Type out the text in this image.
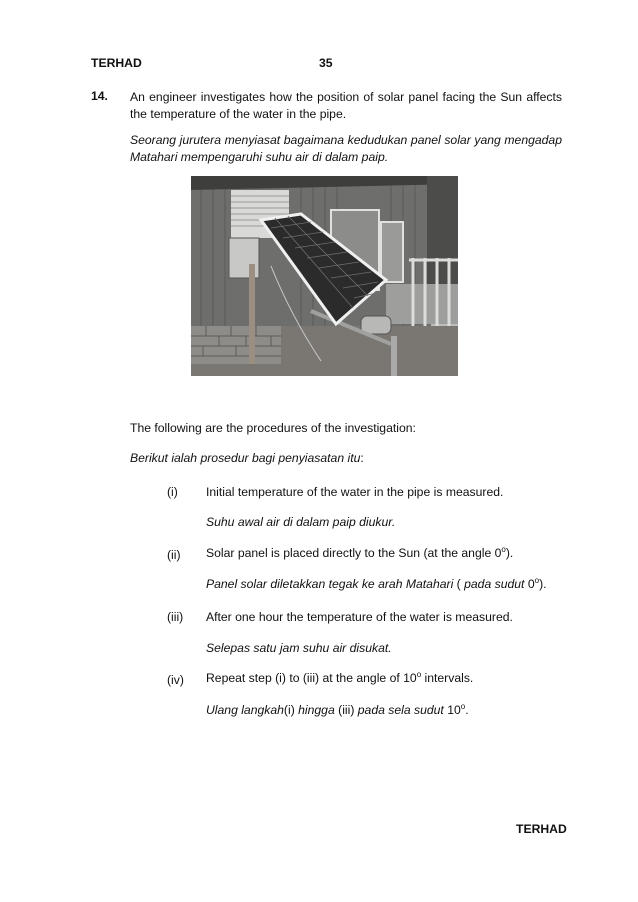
TERHAD	35
14. An engineer investigates how the position of solar panel facing the Sun affects the temperature of the water in the pipe.
Seorang jurutera menyiasat bagaimana kedudukan panel solar yang mengadap Matahari mempengaruhi suhu air di dalam paip.
The following are the procedures of the investigation:
Berikut ialah prosedur bagi penyiasatan itu:
(i) Initial temperature of the water in the pipe is measured.
Suhu awal air di dalam paip diukur.
(ii) Solar panel is placed directly to the Sun (at the angle 0$^o$).
Panel solar diletakkan tegak ke arah Matahari ( pada sudut 0$^o$).
(iii) After one hour the temperature of the water is measured.
Selepas satu jam suhu air disukat.
(iv) Repeat step (i) to (iii) at the angle of 10$^o$ intervals.
Ulang langkah(i) hingga (iii) pada sela sudut 10$^o$.
TERHAD
